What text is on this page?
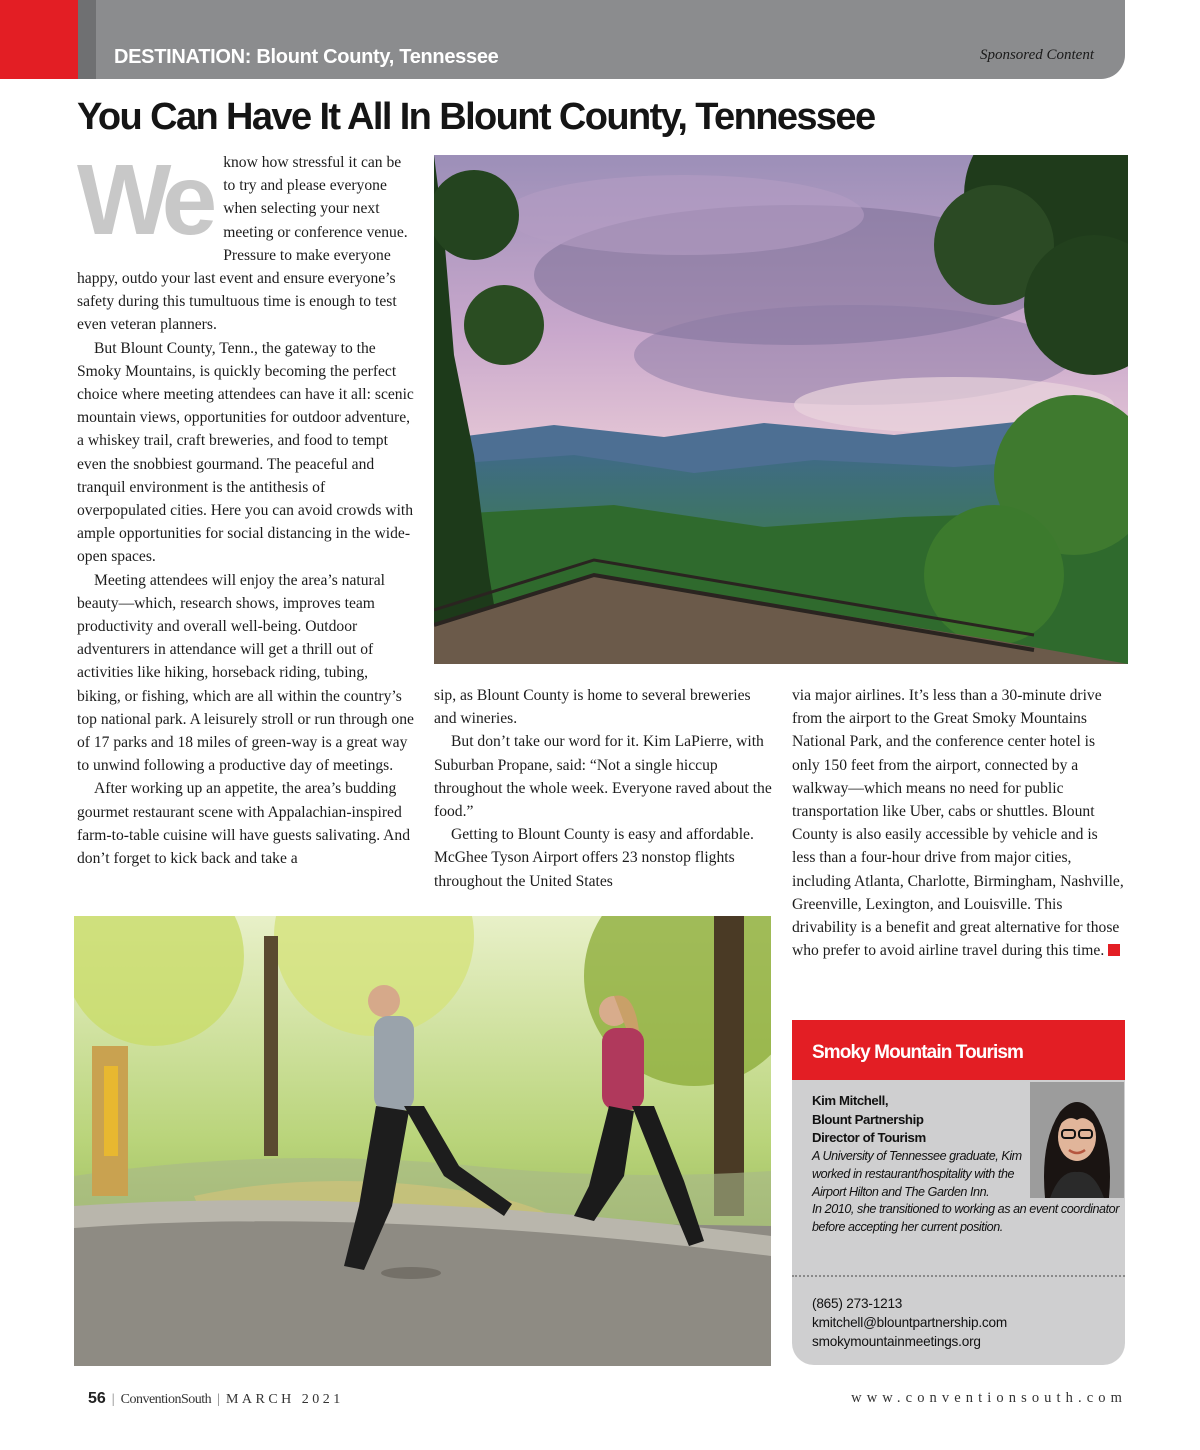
DESTINATION: Blount County, Tennessee	Sponsored Content
You Can Have It All In Blount County, Tennessee
We know how stressful it can be to try and please everyone when selecting your next meeting or conference venue. Pressure to make everyone happy, outdo your last event and ensure everyone’s safety during this tumultuous time is enough to test even veteran planners.

But Blount County, Tenn., the gateway to the Smoky Mountains, is quickly becoming the perfect choice where meeting attendees can have it all: scenic mountain views, opportunities for outdoor adventure, a whiskey trail, craft breweries, and food to tempt even the snobbiest gourmand. The peaceful and tranquil environment is the antithesis of overpopulated cities. Here you can avoid crowds with ample opportunities for social distancing in the wide-open spaces.

Meeting attendees will enjoy the area’s natural beauty—which, research shows, improves team productivity and overall well-being. Outdoor adventurers in attendance will get a thrill out of activities like hiking, horseback riding, tubing, biking, or fishing, which are all within the country’s top national park. A leisurely stroll or run through one of 17 parks and 18 miles of green-way is a great way to unwind following a productive day of meetings.

After working up an appetite, the area’s budding gourmet restaurant scene with Appalachian-inspired farm-to-table cuisine will have guests salivating. And don’t forget to kick back and take a

sip, as Blount County is home to several breweries and wineries.

But don’t take our word for it. Kim LaPierre, with Suburban Propane, said: “Not a single hiccup throughout the whole week. Everyone raved about the food.”

Getting to Blount County is easy and affordable. McGhee Tyson Airport offers 23 nonstop flights throughout the United States

via major airlines. It’s less than a 30-minute drive from the airport to the Great Smoky Mountains National Park, and the conference center hotel is only 150 feet from the airport, connected by a walkway—which means no need for public transportation like Uber, cabs or shuttles. Blount County is also easily accessible by vehicle and is less than a four-hour drive from major cities, including Atlanta, Charlotte, Birmingham, Nashville, Greenville, Lexington, and Louisville. This drivability is a benefit and great alternative for those who prefer to avoid airline travel during this time.

Smoky Mountain Tourism
Kim Mitchell,
Blount Partnership
Director of Tourism
A University of Tennessee graduate, Kim worked in restaurant/hospitality with the Airport Hilton and The Garden Inn.
In 2010, she transitioned to working as an event coordinator before accepting her current position.
(865) 273-1213
kmitchell@blountpartnership.com
smokymountainmeetings.org
56 | ConventionSouth | MARCH 2021	www.conventionsouth.com
